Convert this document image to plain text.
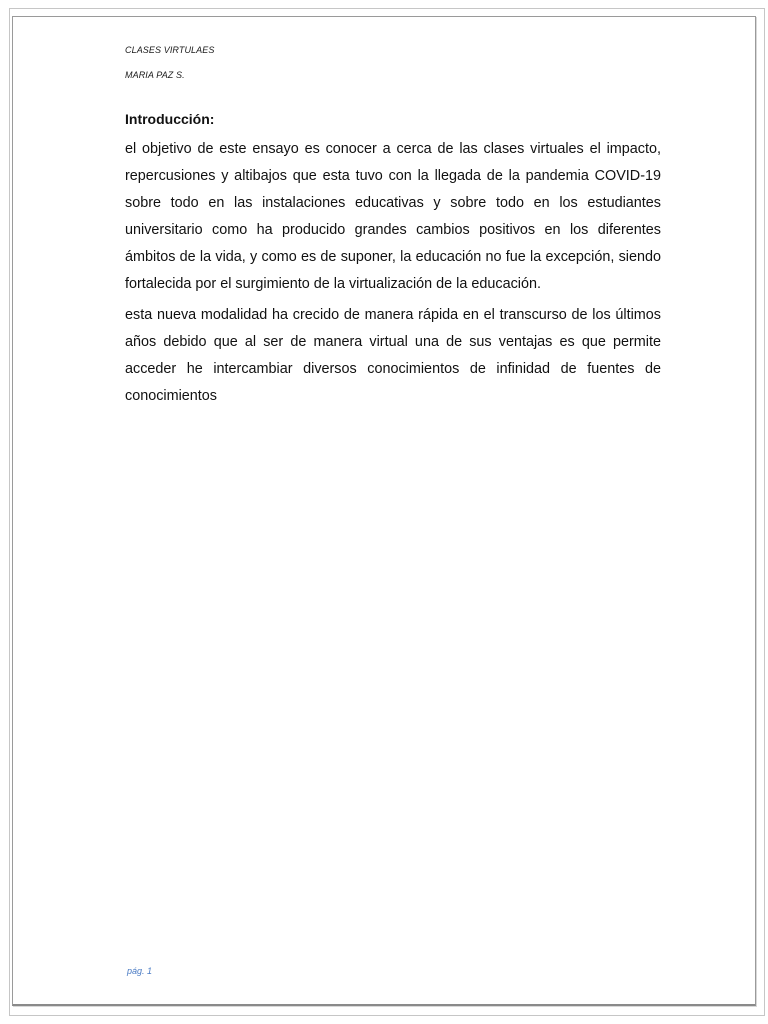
CLASES VIRTULAES
MARIA PAZ S.
Introducción:

el objetivo de este ensayo es conocer a cerca de las clases virtuales el impacto, repercusiones y altibajos que esta tuvo con la llegada de la pandemia COVID-19 sobre todo en las instalaciones educativas y sobre todo en los estudiantes universitario como ha producido grandes cambios positivos en los diferentes ámbitos de la vida, y como es de suponer, la educación no fue la excepción, siendo fortalecida por el surgimiento de la virtualización de la educación.

esta nueva modalidad ha crecido de manera rápida en el transcurso de los últimos años debido que al ser de manera virtual una de sus ventajas es que permite acceder he intercambiar diversos conocimientos de infinidad de fuentes de conocimientos

pág. 1
